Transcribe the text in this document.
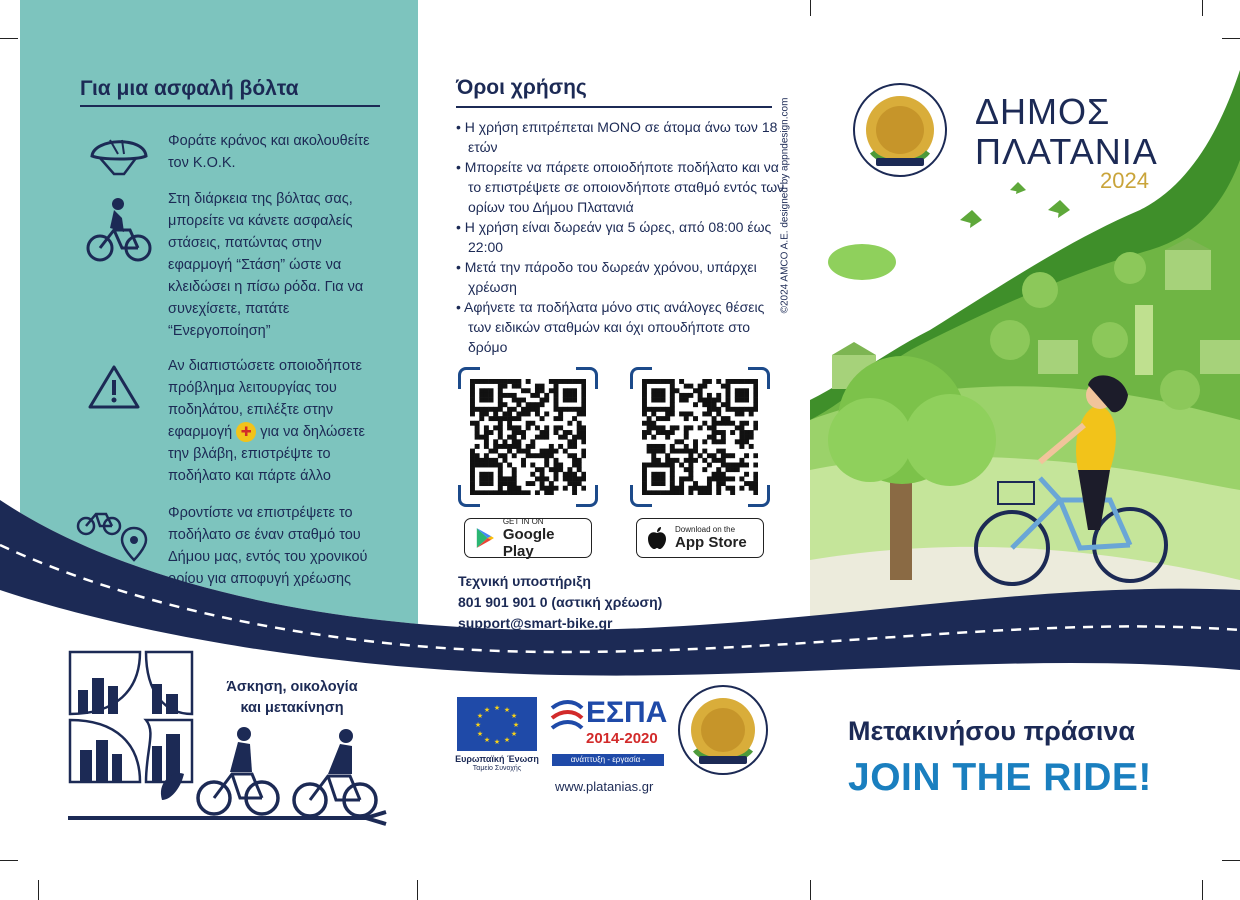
Για μια ασφαλή βόλτα
Φοράτε κράνος και ακολουθείτε τον Κ.Ο.Κ.
Στη διάρκεια της βόλτας σας, μπορείτε να κάνετε ασφαλείς στάσεις, πατώντας στην εφαρμογή “Στάση” ώστε να κλειδώσει η πίσω ρόδα. Για να συνεχίσετε, πατάτε “Ενεργοποίηση”
Αν διαπιστώσετε οποιοδήποτε πρόβλημα λειτουργίας του ποδηλάτου, επιλέξτε στην εφαρμογή ✚ για να δηλώσετε την βλάβη, επιστρέψτε το ποδήλατο και πάρτε άλλο
Φροντίστε να επιστρέψετε το ποδήλατο σε έναν σταθμό του Δήμου μας, εντός του χρονικού ορίου για αποφυγή χρέωσης
Όροι χρήσης
• Η χρήση επιτρέπεται ΜΟΝΟ σε άτομα άνω των 18 ετών
• Μπορείτε να πάρετε οποιοδήποτε ποδήλατο και να το επιστρέψετε σε οποιονδήποτε σταθμό εντός των ορίων του Δήμου Πλατανιά
• Η χρήση είναι δωρεάν για 5 ώρες, από 08:00 έως 22:00
• Μετά την πάροδο του δωρεάν χρόνου, υπάρχει χρέωση
• Αφήνετε τα ποδήλατα μόνο στις ανάλογες θέσεις των ειδικών σταθμών και όχι οπουδήποτε στο δρόμο
©2024 AMCO A.E. designed by appndesign.com
GET IN ON
Google Play
Download on the
App Store
Τεχνική υποστήριξη
801 901 901 0 (αστική χρέωση)
support@smart-bike.gr
ΔΗΜΟΣ
ΠΛΑΤΑΝΙΑ
2024
Μετακινήσου πράσινα
JOIN THE RIDE!
Άσκηση, οικολογία
και μετακίνηση	★ ★
★
★
★
★
★
★
★
★
★
★
Ευρωπαϊκή Ένωση
Ταμείο Συνοχής
ΕΣΠΑ
2014-2020
ανάπτυξη - εργασία - αλληλεγγύη
www.platanias.gr
